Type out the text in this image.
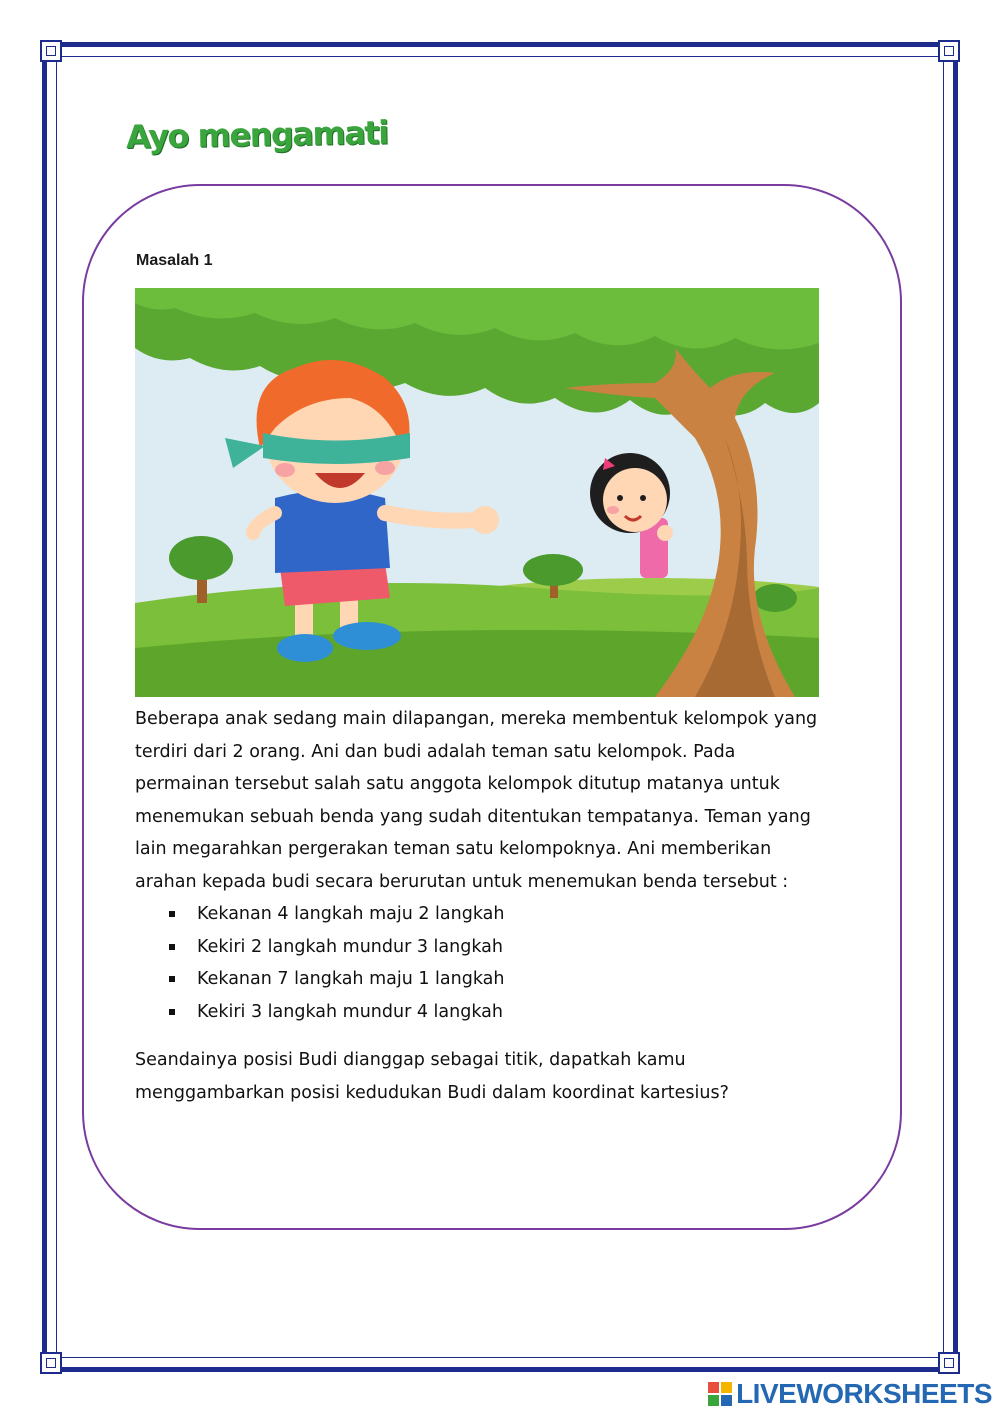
Ayo mengamati
Masalah 1

Beberapa anak sedang main dilapangan, mereka membentuk kelompok yang

terdiri dari 2 orang. Ani dan budi adalah teman satu kelompok. Pada

permainan tersebut salah satu anggota kelompok ditutup matanya untuk

menemukan sebuah benda yang sudah ditentukan tempatanya. Teman yang

lain megarahkan pergerakan teman satu kelompoknya. Ani memberikan

arahan kepada budi secara berurutan untuk menemukan benda tersebut :

Kekanan 4 langkah maju 2 langkah
Kekiri 2 langkah mundur 3 langkah
Kekanan 7 langkah maju 1 langkah
Kekiri 3 langkah mundur 4 langkah

Seandainya posisi Budi dianggap sebagai titik, dapatkah kamu

menggambarkan posisi kedudukan Budi dalam koordinat kartesius?

LIVEWORKSHEETS
